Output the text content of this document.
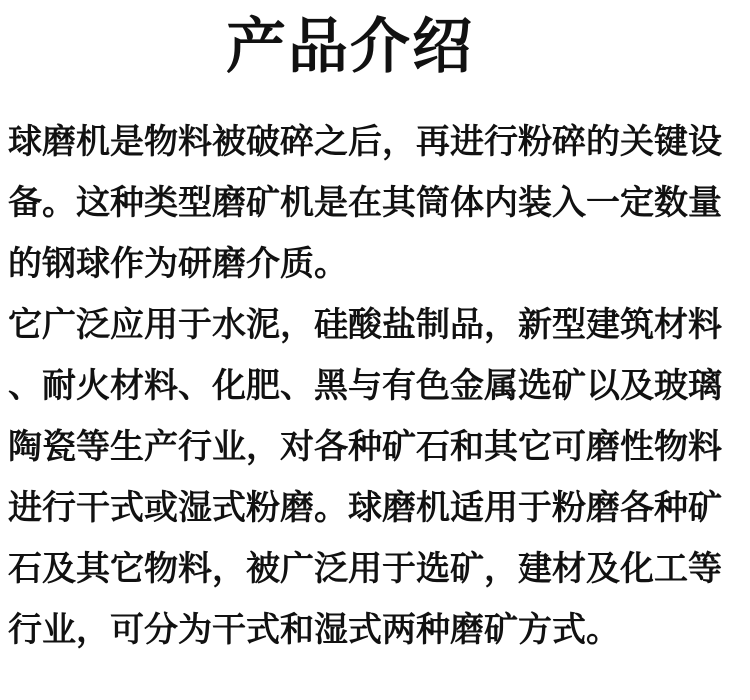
产品介绍
球磨机是物料被破碎之后，再进行粉碎的关键设
备。这种类型磨矿机是在其筒体内装入一定数量
的钢球作为研磨介质。
它广泛应用于水泥，硅酸盐制品，新型建筑材料
、耐火材料、化肥、黑与有色金属选矿以及玻璃
陶瓷等生产行业，对各种矿石和其它可磨性物料
进行干式或湿式粉磨。球磨机适用于粉磨各种矿
石及其它物料，被广泛用于选矿，建材及化工等
行业，可分为干式和湿式两种磨矿方式。
